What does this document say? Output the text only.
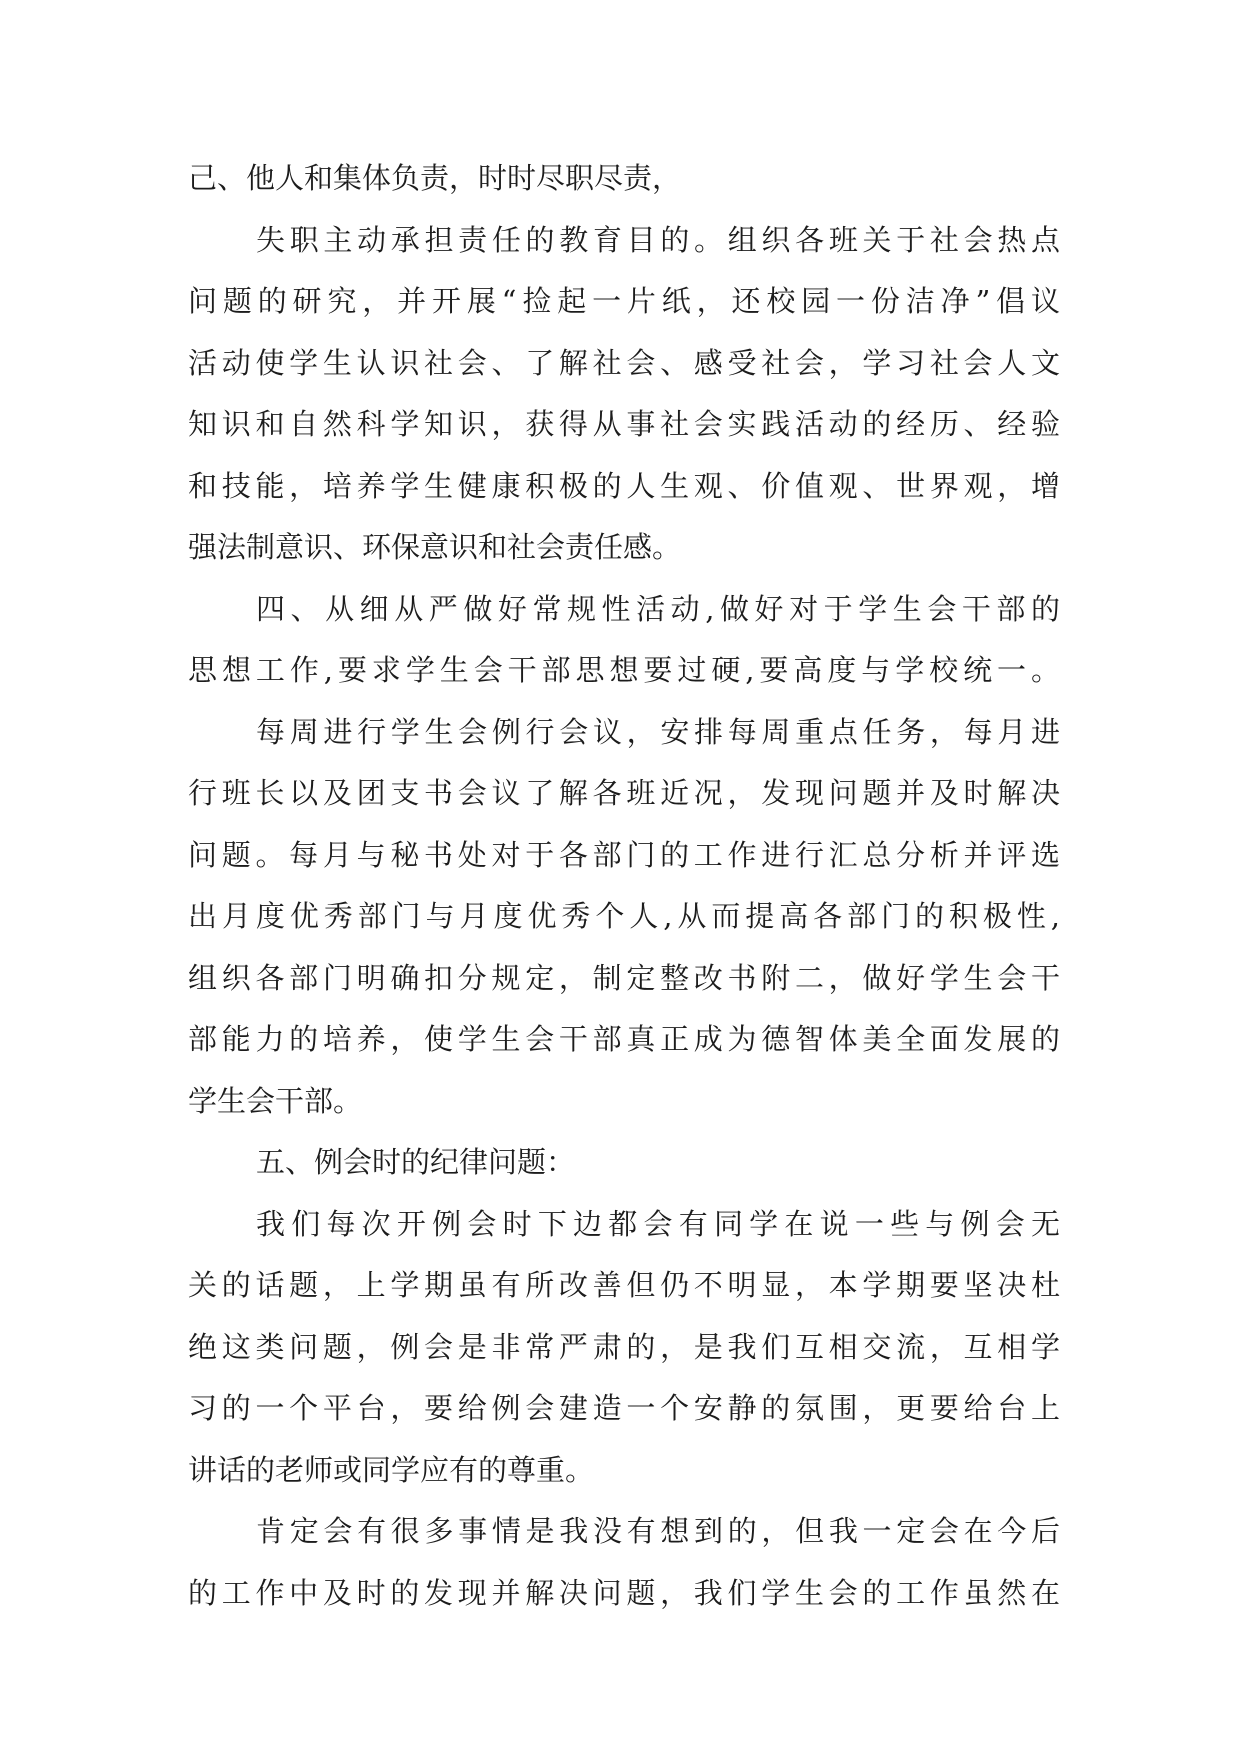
己、他人和集体负责，时时尽职尽责，
失职主动承担责任的教育目的。组织各班关于社会热点
问题的研究，并开展“捡起一片纸，还校园一份洁净”倡议
活动使学生认识社会、了解社会、感受社会，学习社会人文
知识和自然科学知识，获得从事社会实践活动的经历、经验
和技能，培养学生健康积极的人生观、价值观、世界观，增
强法制意识、环保意识和社会责任感。
四、从细从严做好常规性活动,做好对于学生会干部的
思想工作,要求学生会干部思想要过硬,要高度与学校统一。
每周进行学生会例行会议，安排每周重点任务，每月进
行班长以及团支书会议了解各班近况，发现问题并及时解决
问题。每月与秘书处对于各部门的工作进行汇总分析并评选
出月度优秀部门与月度优秀个人,从而提高各部门的积极性,
组织各部门明确扣分规定，制定整改书附二，做好学生会干
部能力的培养，使学生会干部真正成为德智体美全面发展的
学生会干部。
五、例会时的纪律问题：
我们每次开例会时下边都会有同学在说一些与例会无
关的话题，上学期虽有所改善但仍不明显，本学期要坚决杜
绝这类问题，例会是非常严肃的，是我们互相交流，互相学
习的一个平台，要给例会建造一个安静的氛围，更要给台上
讲话的老师或同学应有的尊重。
肯定会有很多事情是我没有想到的，但我一定会在今后
的工作中及时的发现并解决问题，我们学生会的工作虽然在
